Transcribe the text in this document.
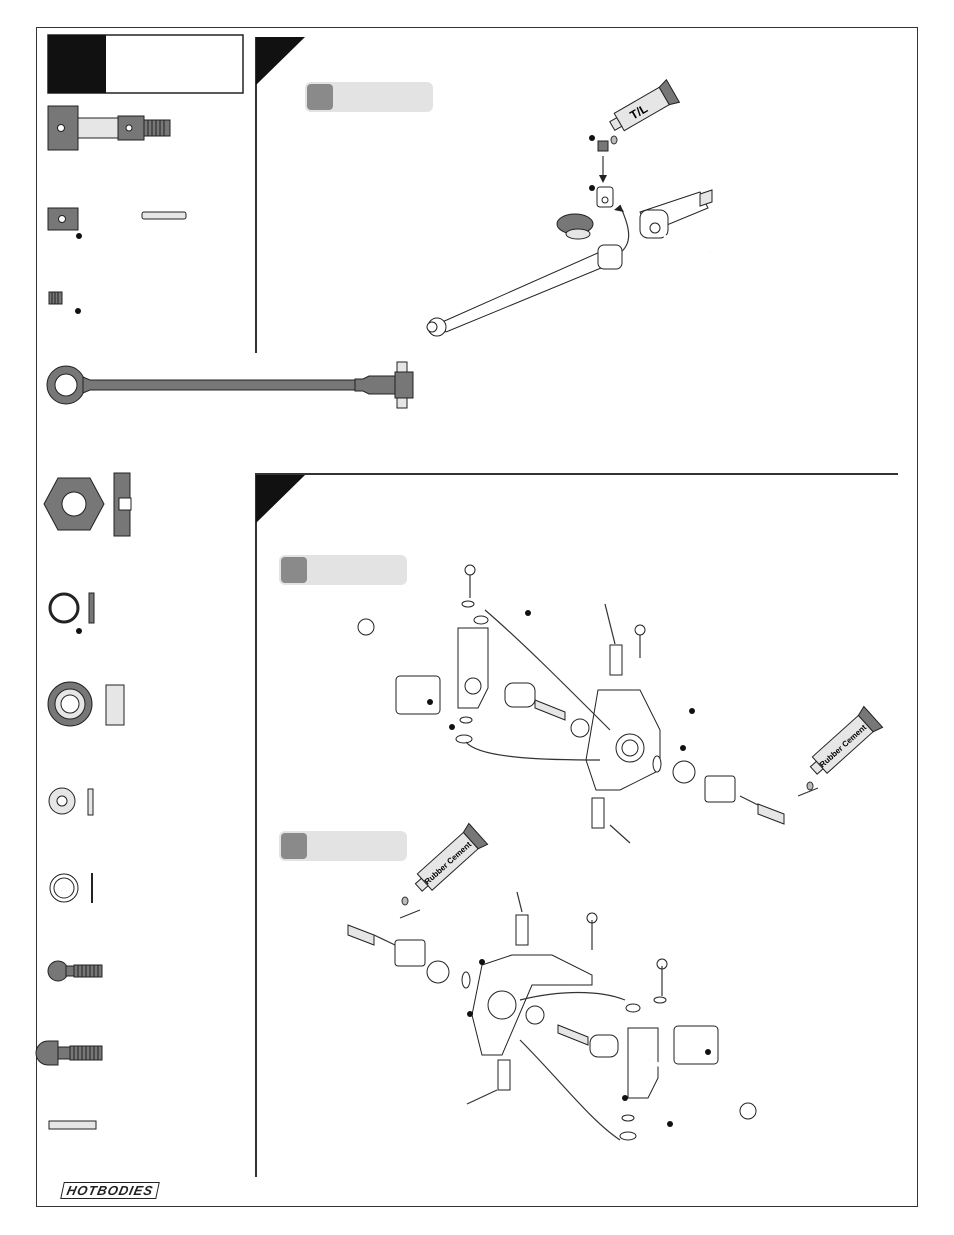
T/L
Rubber Cement
Rubber Cement
HOTBODIES
